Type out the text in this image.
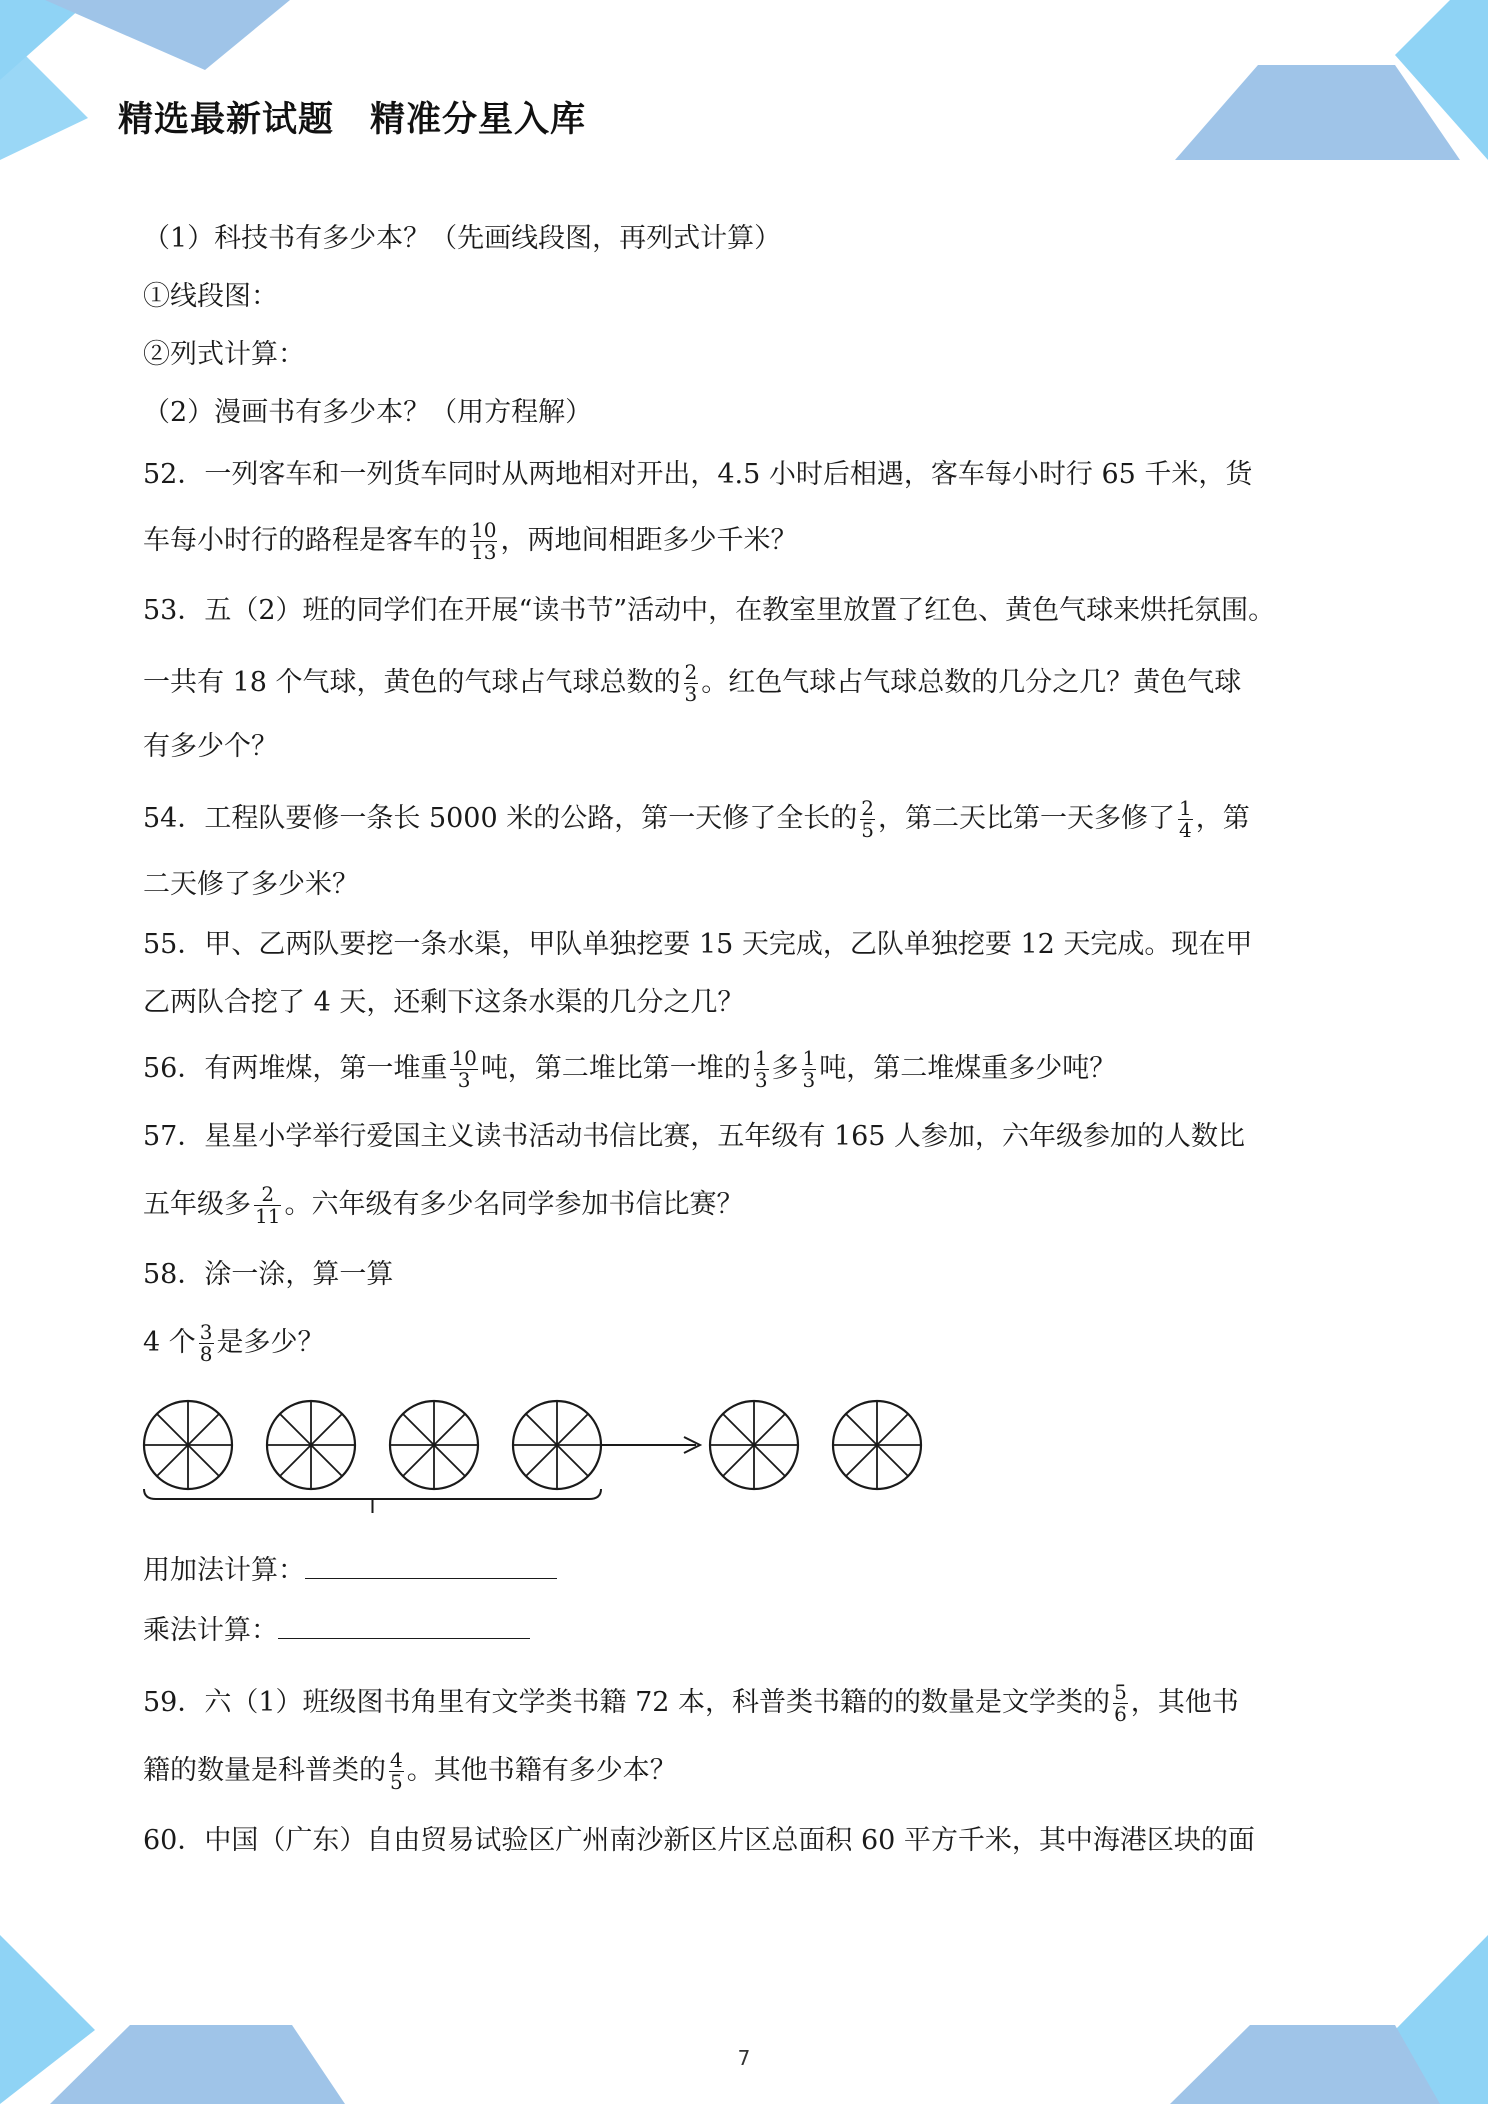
精选最新试题　精准分星入库
（1）科技书有多少本？（先画线段图，再列式计算）
①线段图：
②列式计算：
（2）漫画书有多少本？（用方程解）
52．一列客车和一列货车同时从两地相对开出，4.5 小时后相遇，客车每小时行 65 千米，货
车每小时行的路程是客车的 $\frac{10}{13}$ ，两地间相距多少千米？
53．五（2）班的同学们在开展“读书节”活动中，在教室里放置了红色、黄色气球来烘托氛围。
一共有 18 个气球，黄色的气球占气球总数的 $\frac{2}{3}$ 。红色气球占气球总数的几分之几？黄色气球
有多少个？
54．工程队要修一条长 5000 米的公路，第一天修了全长的 $\frac{2}{5}$ ，第二天比第一天多修了 $\frac{1}{4}$ ，第
二天修了多少米？
55．甲、乙两队要挖一条水渠，甲队单独挖要 15 天完成，乙队单独挖要 12 天完成。现在甲
乙两队合挖了 4 天，还剩下这条水渠的几分之几？
56．有两堆煤，第一堆重 $\frac{10}{3}$ 吨，第二堆比第一堆的 $\frac{1}{3}$ 多 $\frac{1}{3}$ 吨，第二堆煤重多少吨？
57．星星小学举行爱国主义读书活动书信比赛，五年级有 165 人参加，六年级参加的人数比
五年级多 $\frac{2}{11}$ 。六年级有多少名同学参加书信比赛？
58．涂一涂，算一算
4 个 $\frac{3}{8}$ 是多少？
用加法计算：
乘法计算：
59．六（1）班级图书角里有文学类书籍 72 本，科普类书籍的的数量是文学类的 $\frac{5}{6}$ ，其他书
籍的数量是科普类的 $\frac{4}{5}$ 。其他书籍有多少本？
60．中国（广东）自由贸易试验区广州南沙新区片区总面积 60 平方千米，其中海港区块的面
7
